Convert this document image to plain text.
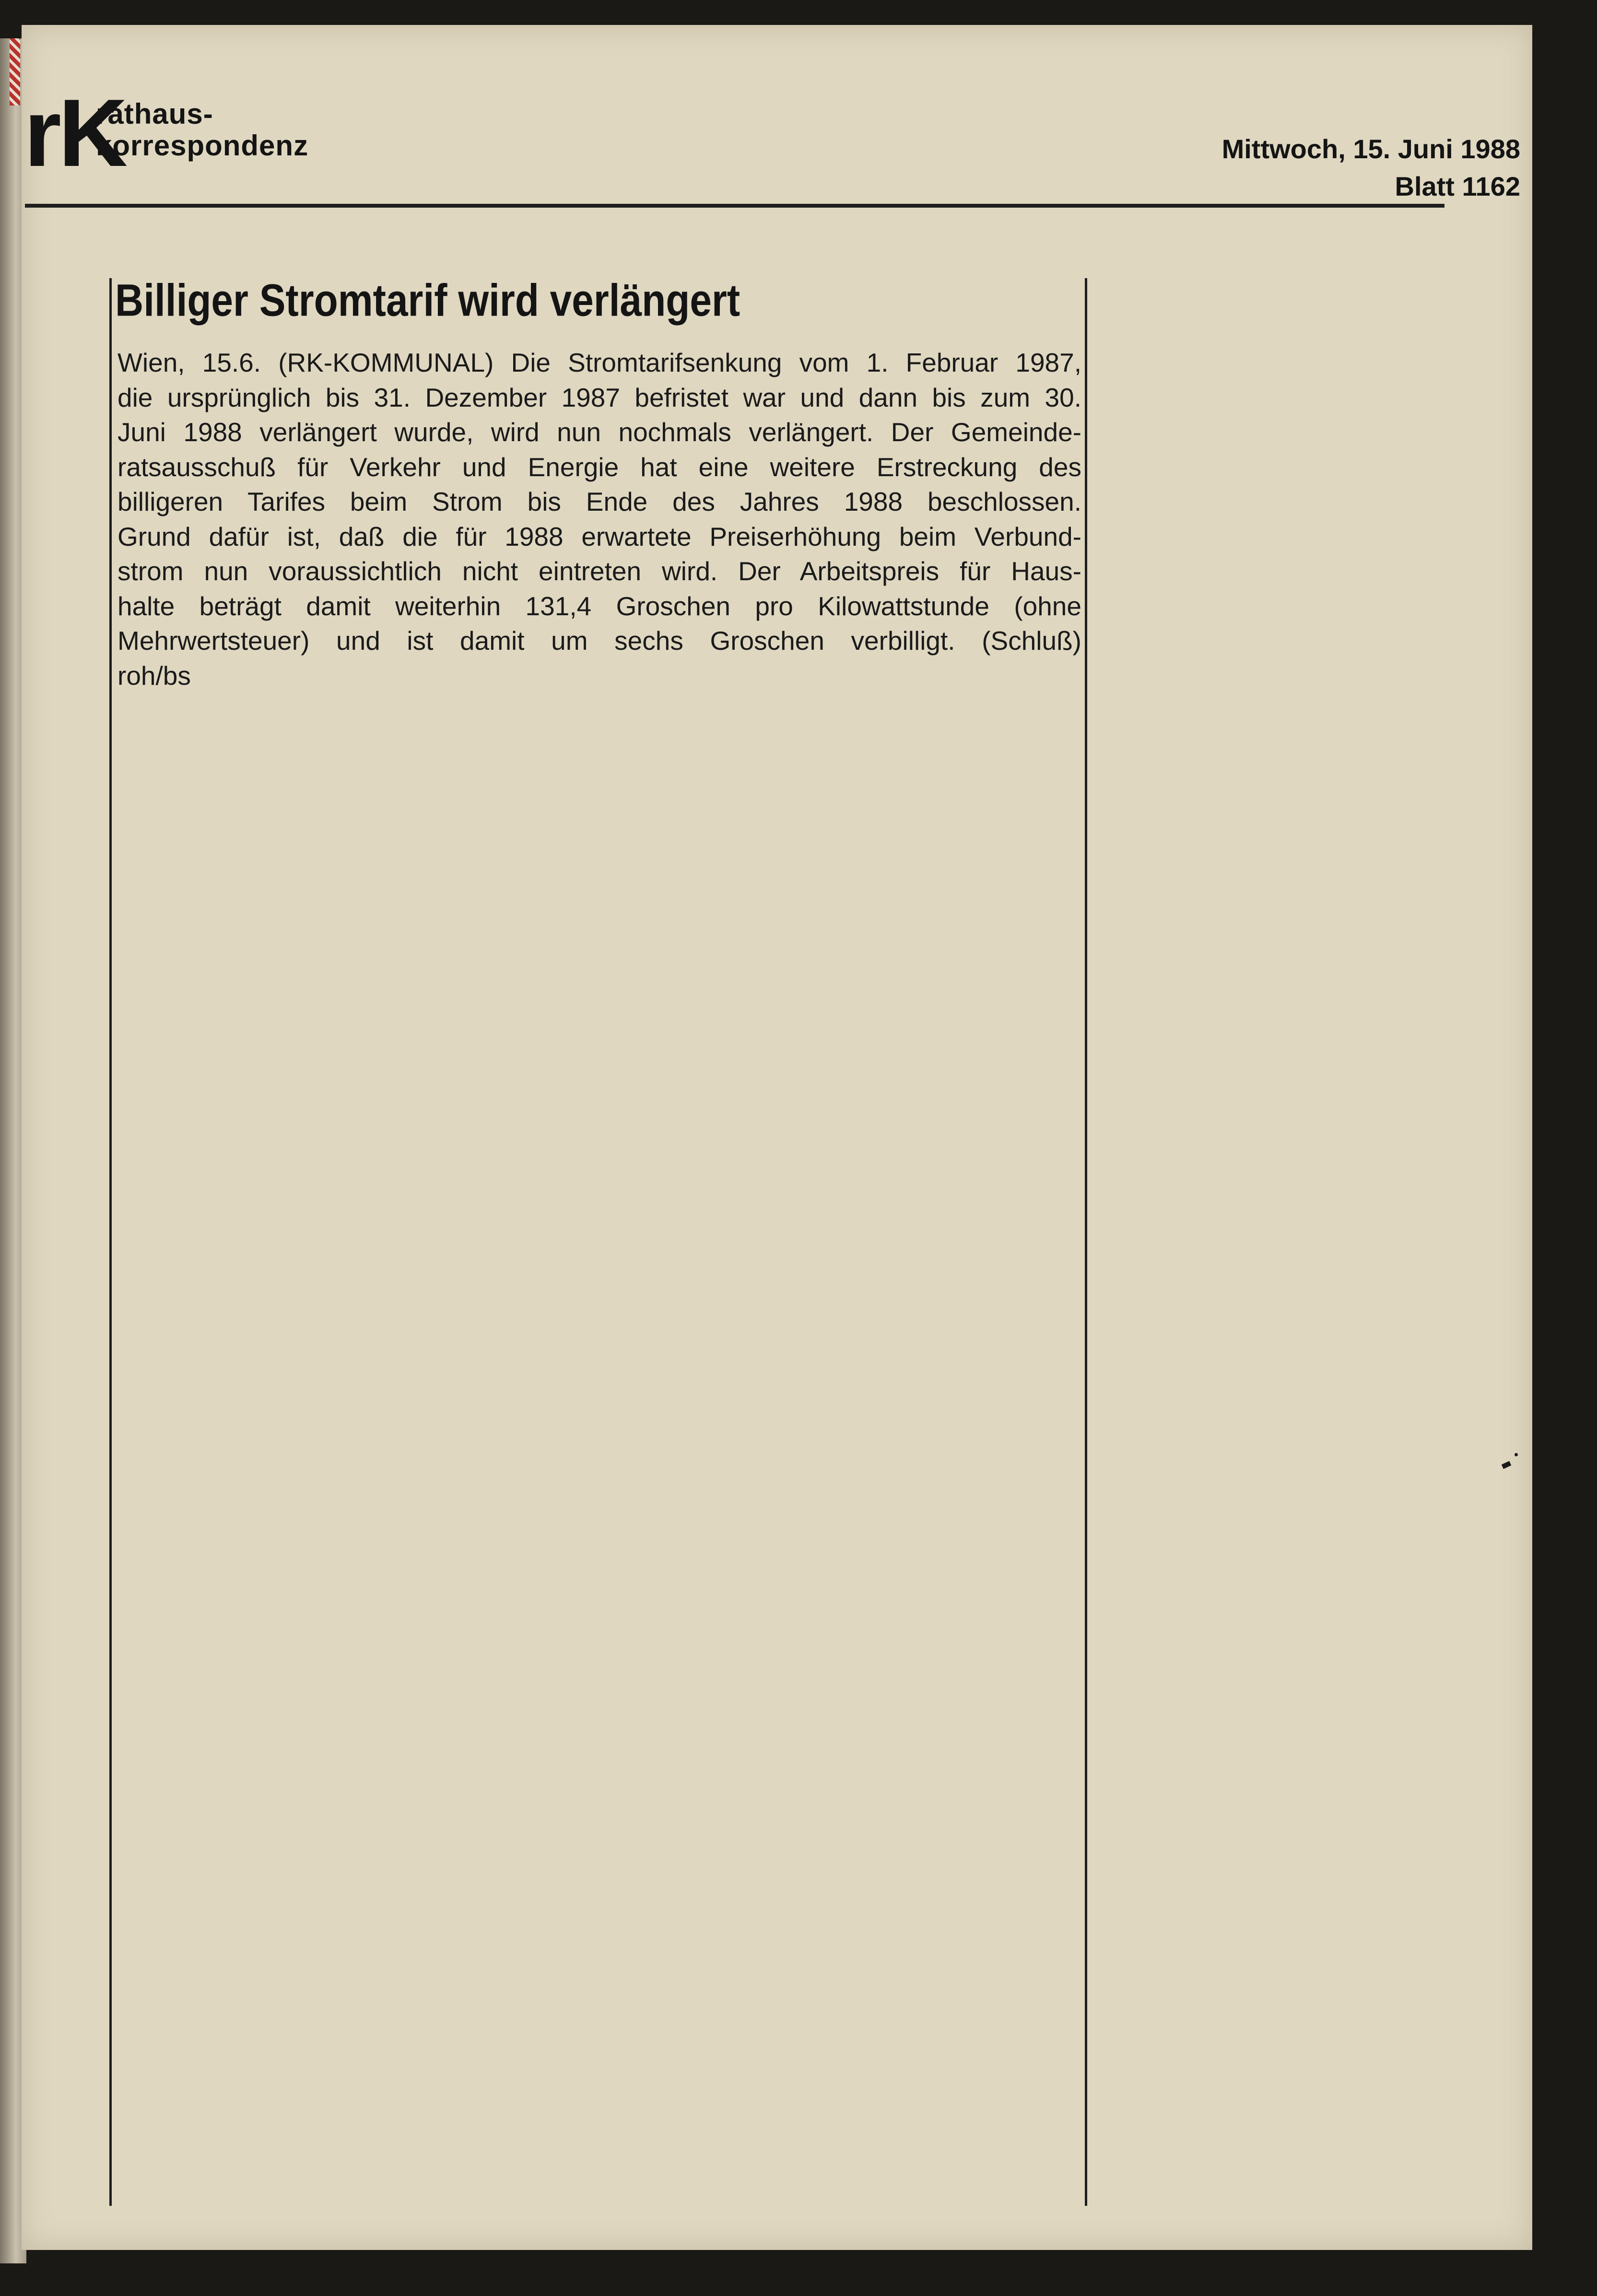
rK
rathaus-
korrespondenz	Mittwoch, 15. Juni 1988
Blatt 1162
Billiger Stromtarif wird verlängert
Wien, 15.6. (RK-KOMMUNAL) Die Stromtarifsenkung vom 1. Februar 1987,
die ursprünglich bis 31. Dezember 1987 befristet war und dann bis zum 30.
Juni 1988 verlängert wurde, wird nun nochmals verlängert. Der Gemeinde-
ratsausschuß für Verkehr und Energie hat eine weitere Erstreckung des
billigeren Tarifes beim Strom bis Ende des Jahres 1988 beschlossen.
Grund dafür ist, daß die für 1988 erwartete Preiserhöhung beim Verbund-
strom nun voraussichtlich nicht eintreten wird. Der Arbeitspreis für Haus-
halte beträgt damit weiterhin 131,4 Groschen pro Kilowattstunde (ohne
Mehrwertsteuer) und ist damit um sechs Groschen verbilligt. (Schluß)
roh/bs
